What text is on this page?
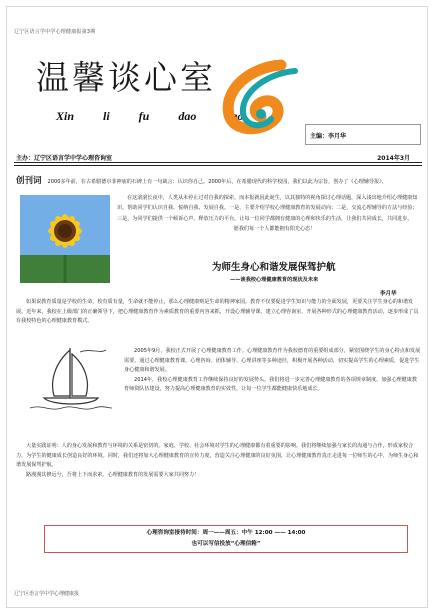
辽宁区语言学中学心理健康报第3期
温馨谈心室
Xin li fu dao bao
主编：李月华
主办：辽宁区语言学中学心理咨询室	2014年3月
创刊词 2000多年前，在古希腊德尔菲神庙的石碑上有一句箴言：认识你自己。2000年后，在希腊现代的科学校园，我们以此为宗旨，创办了《心理辅导报》。

在这滚滚长夜中，人类从未停止过对自我的探索。而本报就因此诞生，以其独特的视角探讨心理话题，深入浅出地介绍心理健康知识，帮助同学们认识自我、悦纳自我、发展自我。一是，主要介绍学校心理健康教育的发展动向；二是，交流心理辅导的方法与经验；三是，为同学们提供一个倾诉心声、释放压力的平台，让每一位同学都拥有健康的心理和快乐的生活，让我们共同成长，共同进步。

愿我们每一个人都能拥有阳光心态！

为师生身心和谐发展保驾护航
——谈我校心理健康教育的现状及未来
李月华

如果说教育质量是学校的生命，校有质有量，生命就不能停止，那么心理健康则是生命的精神家园。教育不仅要促进学生知识与能力的全面发展，更要关注学生身心的和谐发展。近年来，我校在上级部门的正确领导下，把心理健康教育作为素质教育的重要内容来抓，开设心理辅导课，建立心理咨询室，开展各种形式的心理健康教育活动，逐步形成了具有我校特色的心理健康教育模式。

2005年9月，我校正式开展了心理健康教育工作。心理健康教育作为我校德育的重要组成部分，紧密围绕学生的身心特点和发展需要，通过心理健康教育课、心理咨询、团体辅导、心理讲座等多种途径，积极开展各种活动，切实提高学生的心理素质，促进学生身心健康和谐发展。

2014年，我校心理健康教育工作继续保持良好的发展势头。我们将进一步完善心理健康教育的各项规章制度，加强心理健康教育师资队伍建设，努力提高心理健康教育的实效性，让每一位学生都能健康快乐地成长。

大量实践证明：人的身心发展和教育与环境的关系是密切的。家庭、学校、社会环境对学生的心理健康都有着重要的影响。我们将继续加强与家长的沟通与合作，形成家校合力，为学生的健康成长创造良好的环境。同时，我们还将加大心理健康教育的宣传力度，营造关注心理健康的良好氛围，让心理健康教育真正走进每一位师生的心中，为师生身心和谐发展保驾护航。

路漫漫其修远兮，吾将上下而求索。心理健康教育的发展需要大家共同努力！

心理咨询室接待时间：周一——周五：中午 12:00 —— 14:00
也可以写信投放“心理信箱”
辽宁区语言学中学心理健康报
